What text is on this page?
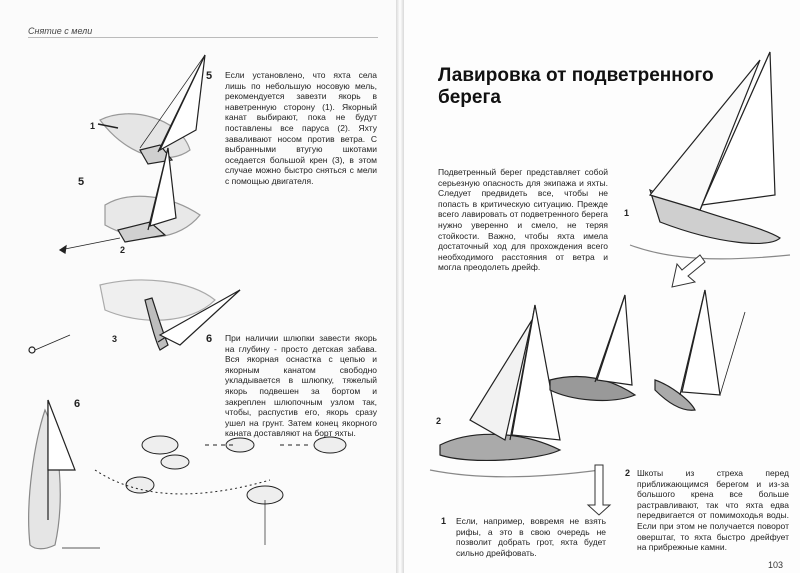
Снятие с мели
5 Если установлено, что яхта села лишь по небольшую носовую мель, рекомендуется завезти якорь в наветренную сторону (1). Якорный канат выбирают, пока не будут поставлены все паруса (2). Яхту заваливают носом против ветра. С выбранными втугую шкотами оседается большой крен (3), в этом случае можно быстро сняться с мели с помощью двигателя.
6 При наличии шлюпки завести якорь на глубину - просто детская забава. Вся якорная оснастка с цепью и якорным канатом свободно укладывается в шлюпку, тяжелый якорь подвешен за бортом и закреплен шлюпочным узлом так, чтобы, распустив его, якорь сразу ушел на грунт. Затем конец якорного каната доставляют на борт яхты.
1
2
3
5
6
Лавировка от подветренного берега
Подветренный берег представляет собой серьезную опасность для экипажа и яхты. Следует предвидеть все, чтобы не попасть в критическую ситуацию. Прежде всего лавировать от подветренного берега нужно уверенно и смело, не теряя стойкости. Важно, чтобы яхта имела достаточный ход для прохождения всего необходимого расстояния от ветра и могла преодолеть дрейф.
1
2
1 Если, например, вовремя не взять рифы, а это в свою очередь не позволит добрать грот, яхта будет сильно дрейфовать.
2 Шкоты из стреха перед приближающимся берегом и из-за большого крена все больше растравливают, так что яхта едва передвигается от помимоходья воды. Если при этом не получается поворот оверштаг, то яхта быстро дрейфует на прибрежные камни.
103
